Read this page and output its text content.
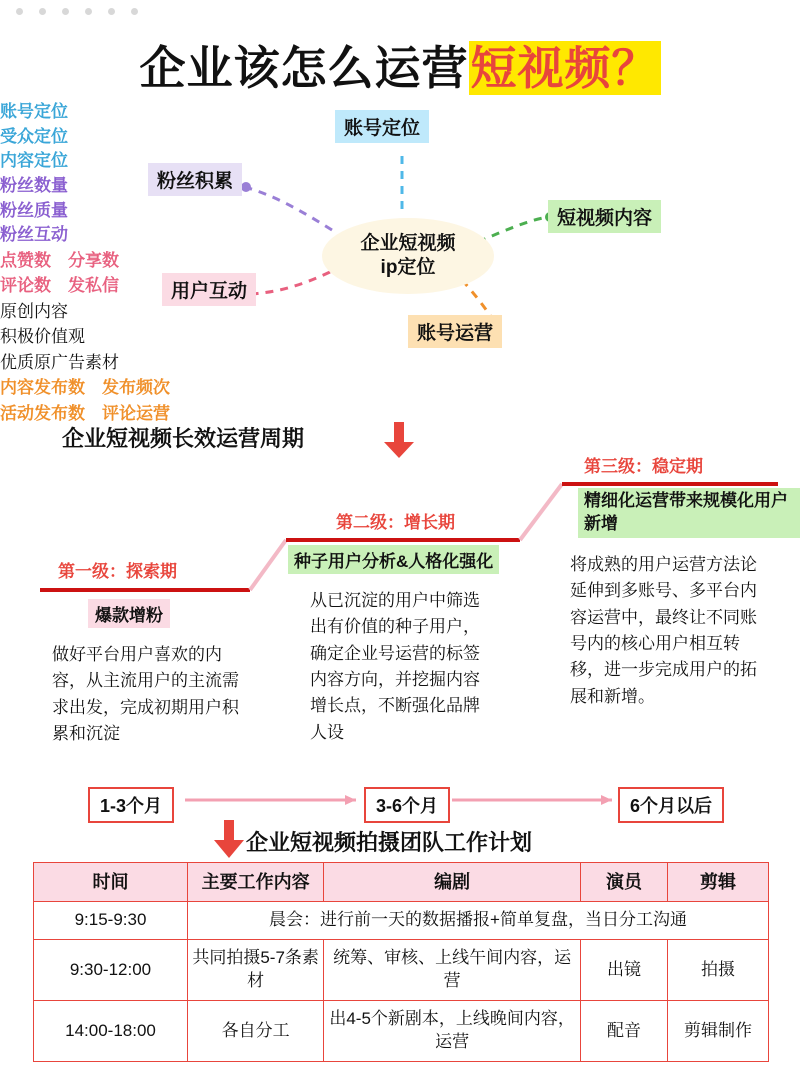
企业该怎么运营短视频？
企业短视频
ip定位
账号定位
账号定位
受众定位
内容定位
粉丝积累
粉丝数量
粉丝质量
粉丝互动
用户互动
点赞数　分享数
评论数　发私信
短视频内容
原创内容
积极价值观
优质原广告素材
账号运营
内容发布数　发布频次
活动发布数　评论运营
企业短视频长效运营周期
第一级：探索期
爆款增粉
做好平台用户喜欢的内容，从主流用户的主流需求出发，完成初期用户积累和沉淀
1-3个月
第二级：增长期
种子用户分析&人格化强化
从已沉淀的用户中筛选出有价值的种子用户，确定企业号运营的标签内容方向，并挖掘内容增长点，不断强化品牌人设
3-6个月
第三级：稳定期
精细化运营带来规模化用户新增
将成熟的用户运营方法论延伸到多账号、多平台内容运营中，最终让不同账号内的核心用户相互转移，进一步完成用户的拓展和新增。
6个月以后
企业短视频拍摄团队工作计划
时间	主要工作内容	编剧	演员	剪辑
9:15-9:30	晨会：进行前一天的数据播报+简单复盘，当日分工沟通			
9:30-12:00	共同拍摄5-7条素材	统筹、审核、上线午间内容，运营	出镜	拍摄
14:00-18:00	各自分工	出4-5个新剧本，上线晚间内容，运营	配音	剪辑制作
